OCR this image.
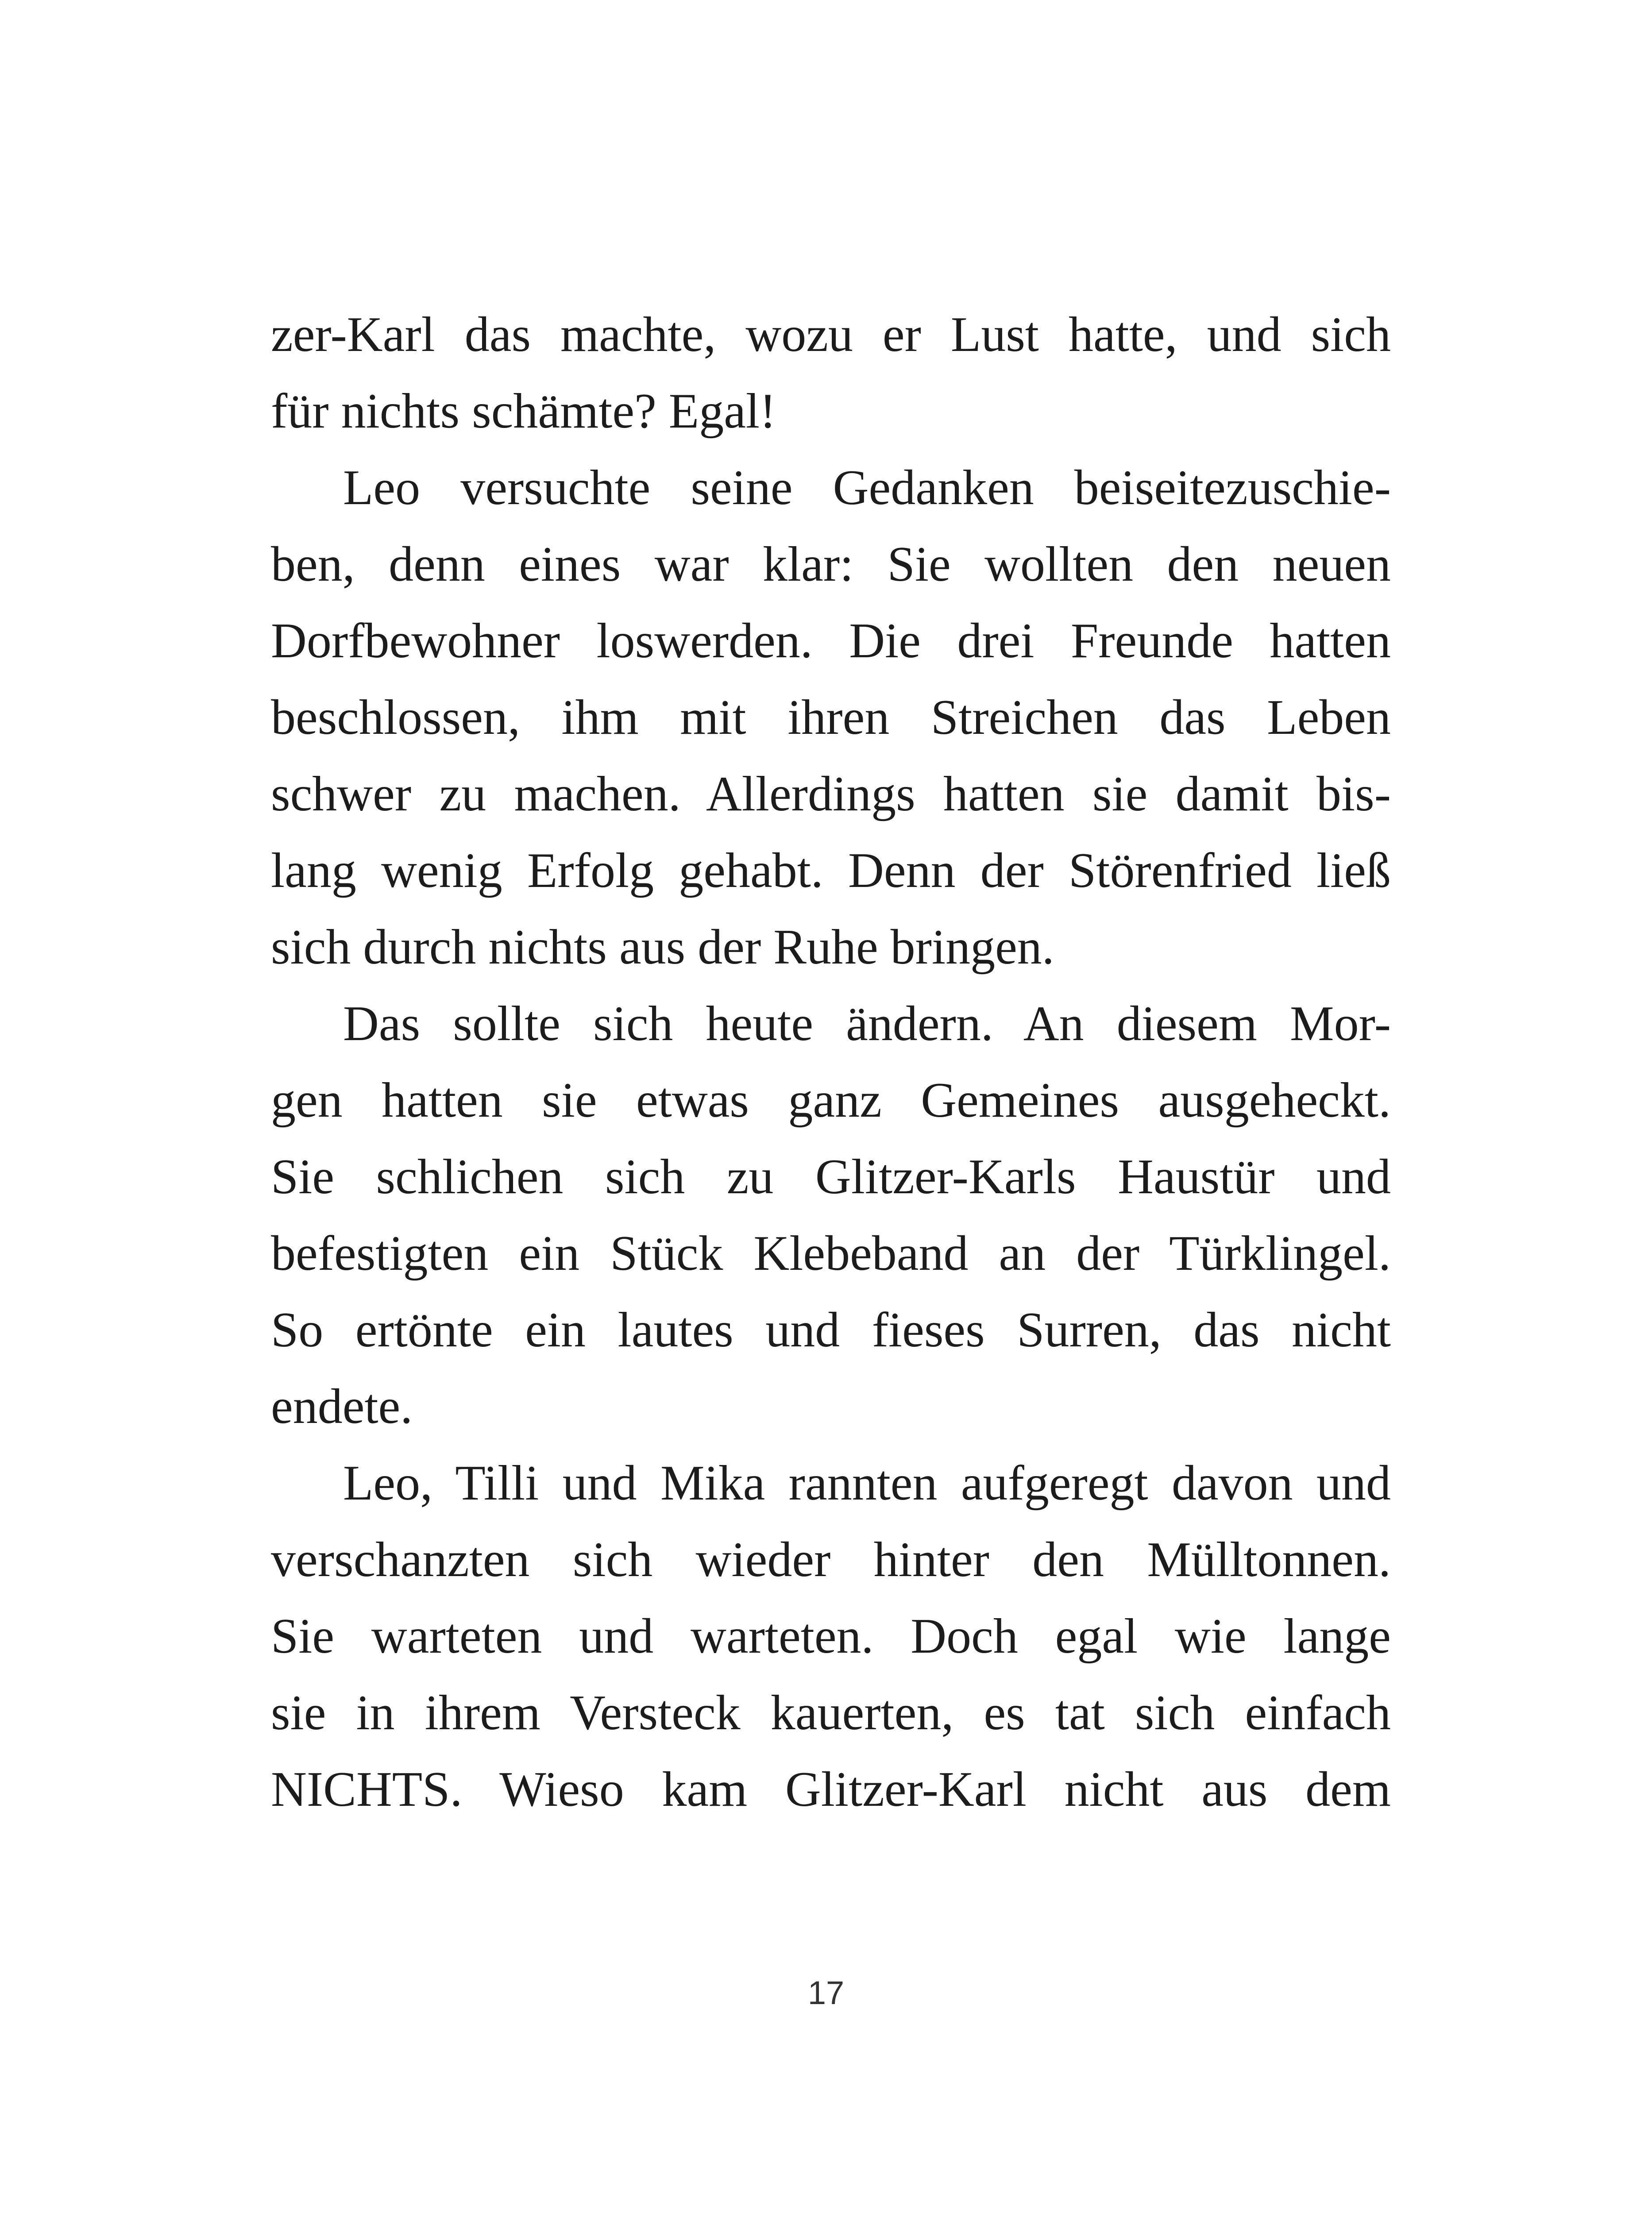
zer-Karl das machte, wozu er Lust hatte, und sich
für nichts schämte? Egal!
Leo versuchte seine Gedanken beiseitezuschie-
ben, denn eines war klar: Sie wollten den neuen
Dorfbewohner loswerden. Die drei Freunde hatten
beschlossen, ihm mit ihren Streichen das Leben
schwer zu machen. Allerdings hatten sie damit bis-
lang wenig Erfolg gehabt. Denn der Störenfried ließ
sich durch nichts aus der Ruhe bringen.
Das sollte sich heute ändern. An diesem Mor-
gen hatten sie etwas ganz Gemeines ausgeheckt.
Sie schlichen sich zu Glitzer-Karls Haustür und
befestigten ein Stück Klebeband an der Türklingel.
So ertönte ein lautes und fieses Surren, das nicht
endete.
Leo, Tilli und Mika rannten aufgeregt davon und
verschanzten sich wieder hinter den Mülltonnen.
Sie warteten und warteten. Doch egal wie lange
sie in ihrem Versteck kauerten, es tat sich einfach
NICHTS. Wieso kam Glitzer-Karl nicht aus dem
17
